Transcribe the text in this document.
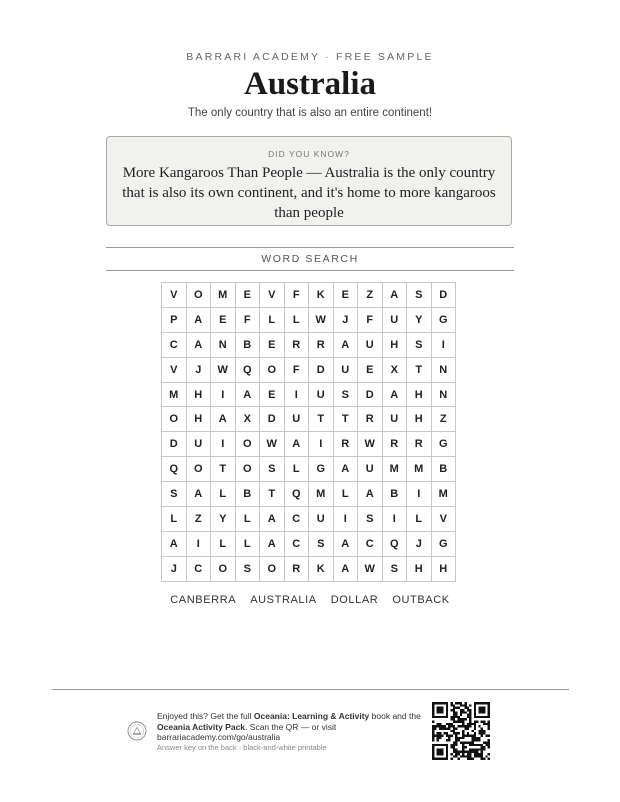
BARRARI ACADEMY · FREE SAMPLE
Australia
The only country that is also an entire continent!
DID YOU KNOW?
More Kangaroos Than People — Australia is the only country that is also its own continent, and it's home to more kangaroos than people
WORD SEARCH
V	O	M	E	V	F	K	E	Z	A	S	D
P	A	E	F	L	L	W	J	F	U	Y	G
C	A	N	B	E	R	R	A	U	H	S	I
V	J	W	Q	O	F	D	U	E	X	T	N
M	H	I	A	E	I	U	S	D	A	H	N
O	H	A	X	D	U	T	T	R	U	H	Z
D	U	I	O	W	A	I	R	W	R	R	G
Q	O	T	O	S	L	G	A	U	M	M	B
S	A	L	B	T	Q	M	L	A	B	I	M
L	Z	Y	L	A	C	U	I	S	I	L	V
A	I	L	L	A	C	S	A	C	Q	J	G
J	C	O	S	O	R	K	A	W	S	H	H
CANBERRA AUSTRALIA DOLLAR OUTBACK
Enjoyed this? Get the full Oceania: Learning & Activity book and the Oceania Activity Pack. Scan the QR — or visit barrariacademy.com/go/australia
Answer key on the back · black-and-white printable
